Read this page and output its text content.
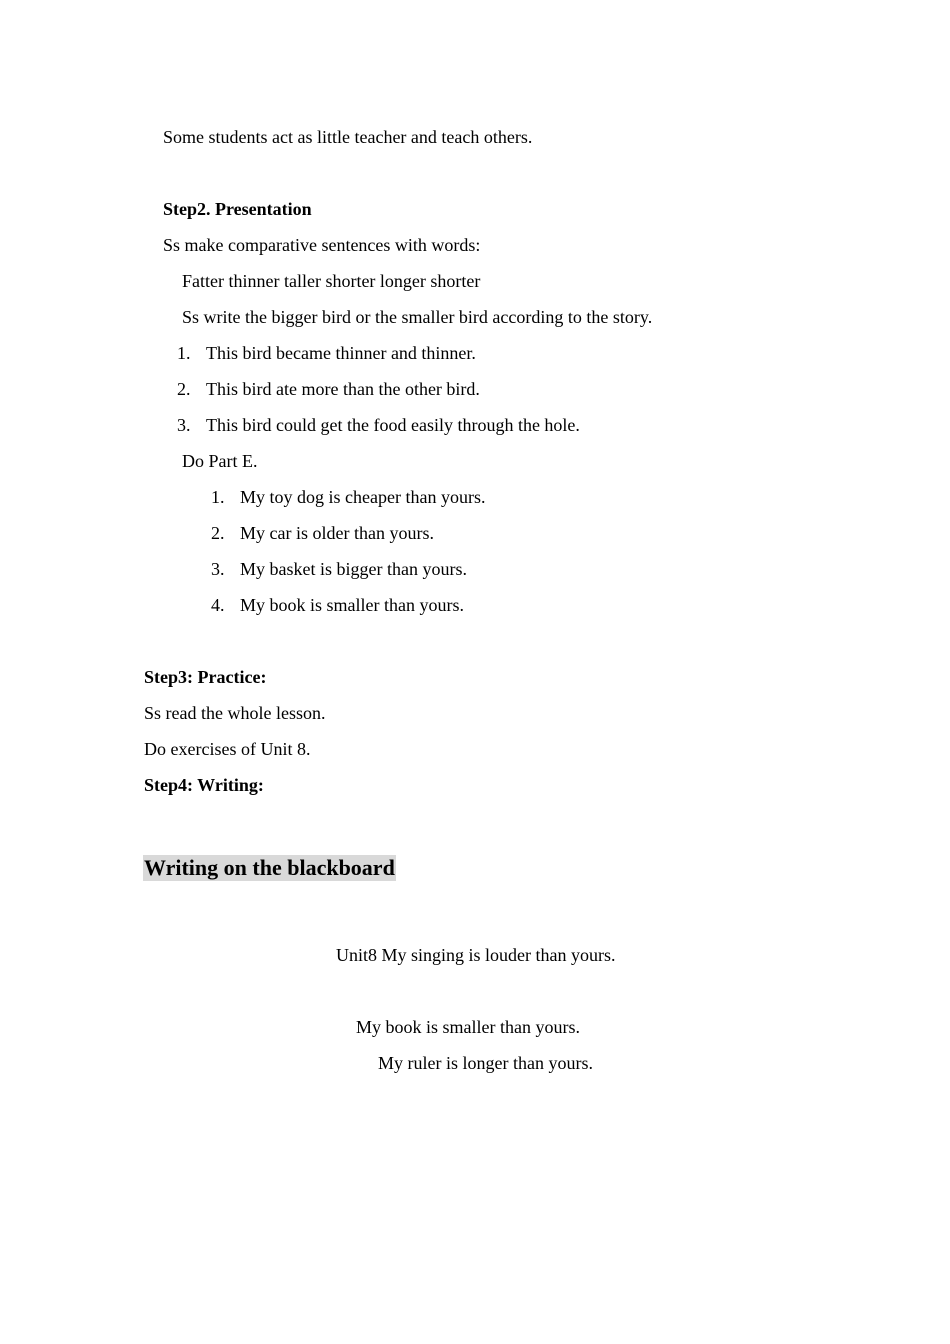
Some students act as little teacher and teach others.
Step2. Presentation
Ss make comparative sentences with words:
Fatter thinner taller shorter longer shorter
Ss write the bigger bird or the smaller bird according to the story.
1. This bird became thinner and thinner.
2. This bird ate more than the other bird.
3. This bird could get the food easily through the hole.
Do Part E.
1. My toy dog is cheaper than yours.
2. My car is older than yours.
3. My basket is bigger than yours.
4. My book is smaller than yours.
Step3: Practice:
Ss read the whole lesson.
Do exercises of Unit 8.
Step4: Writing:
Writing on the blackboard
Unit8 My singing is louder than yours.
My book is smaller than yours.
My ruler is longer than yours.
